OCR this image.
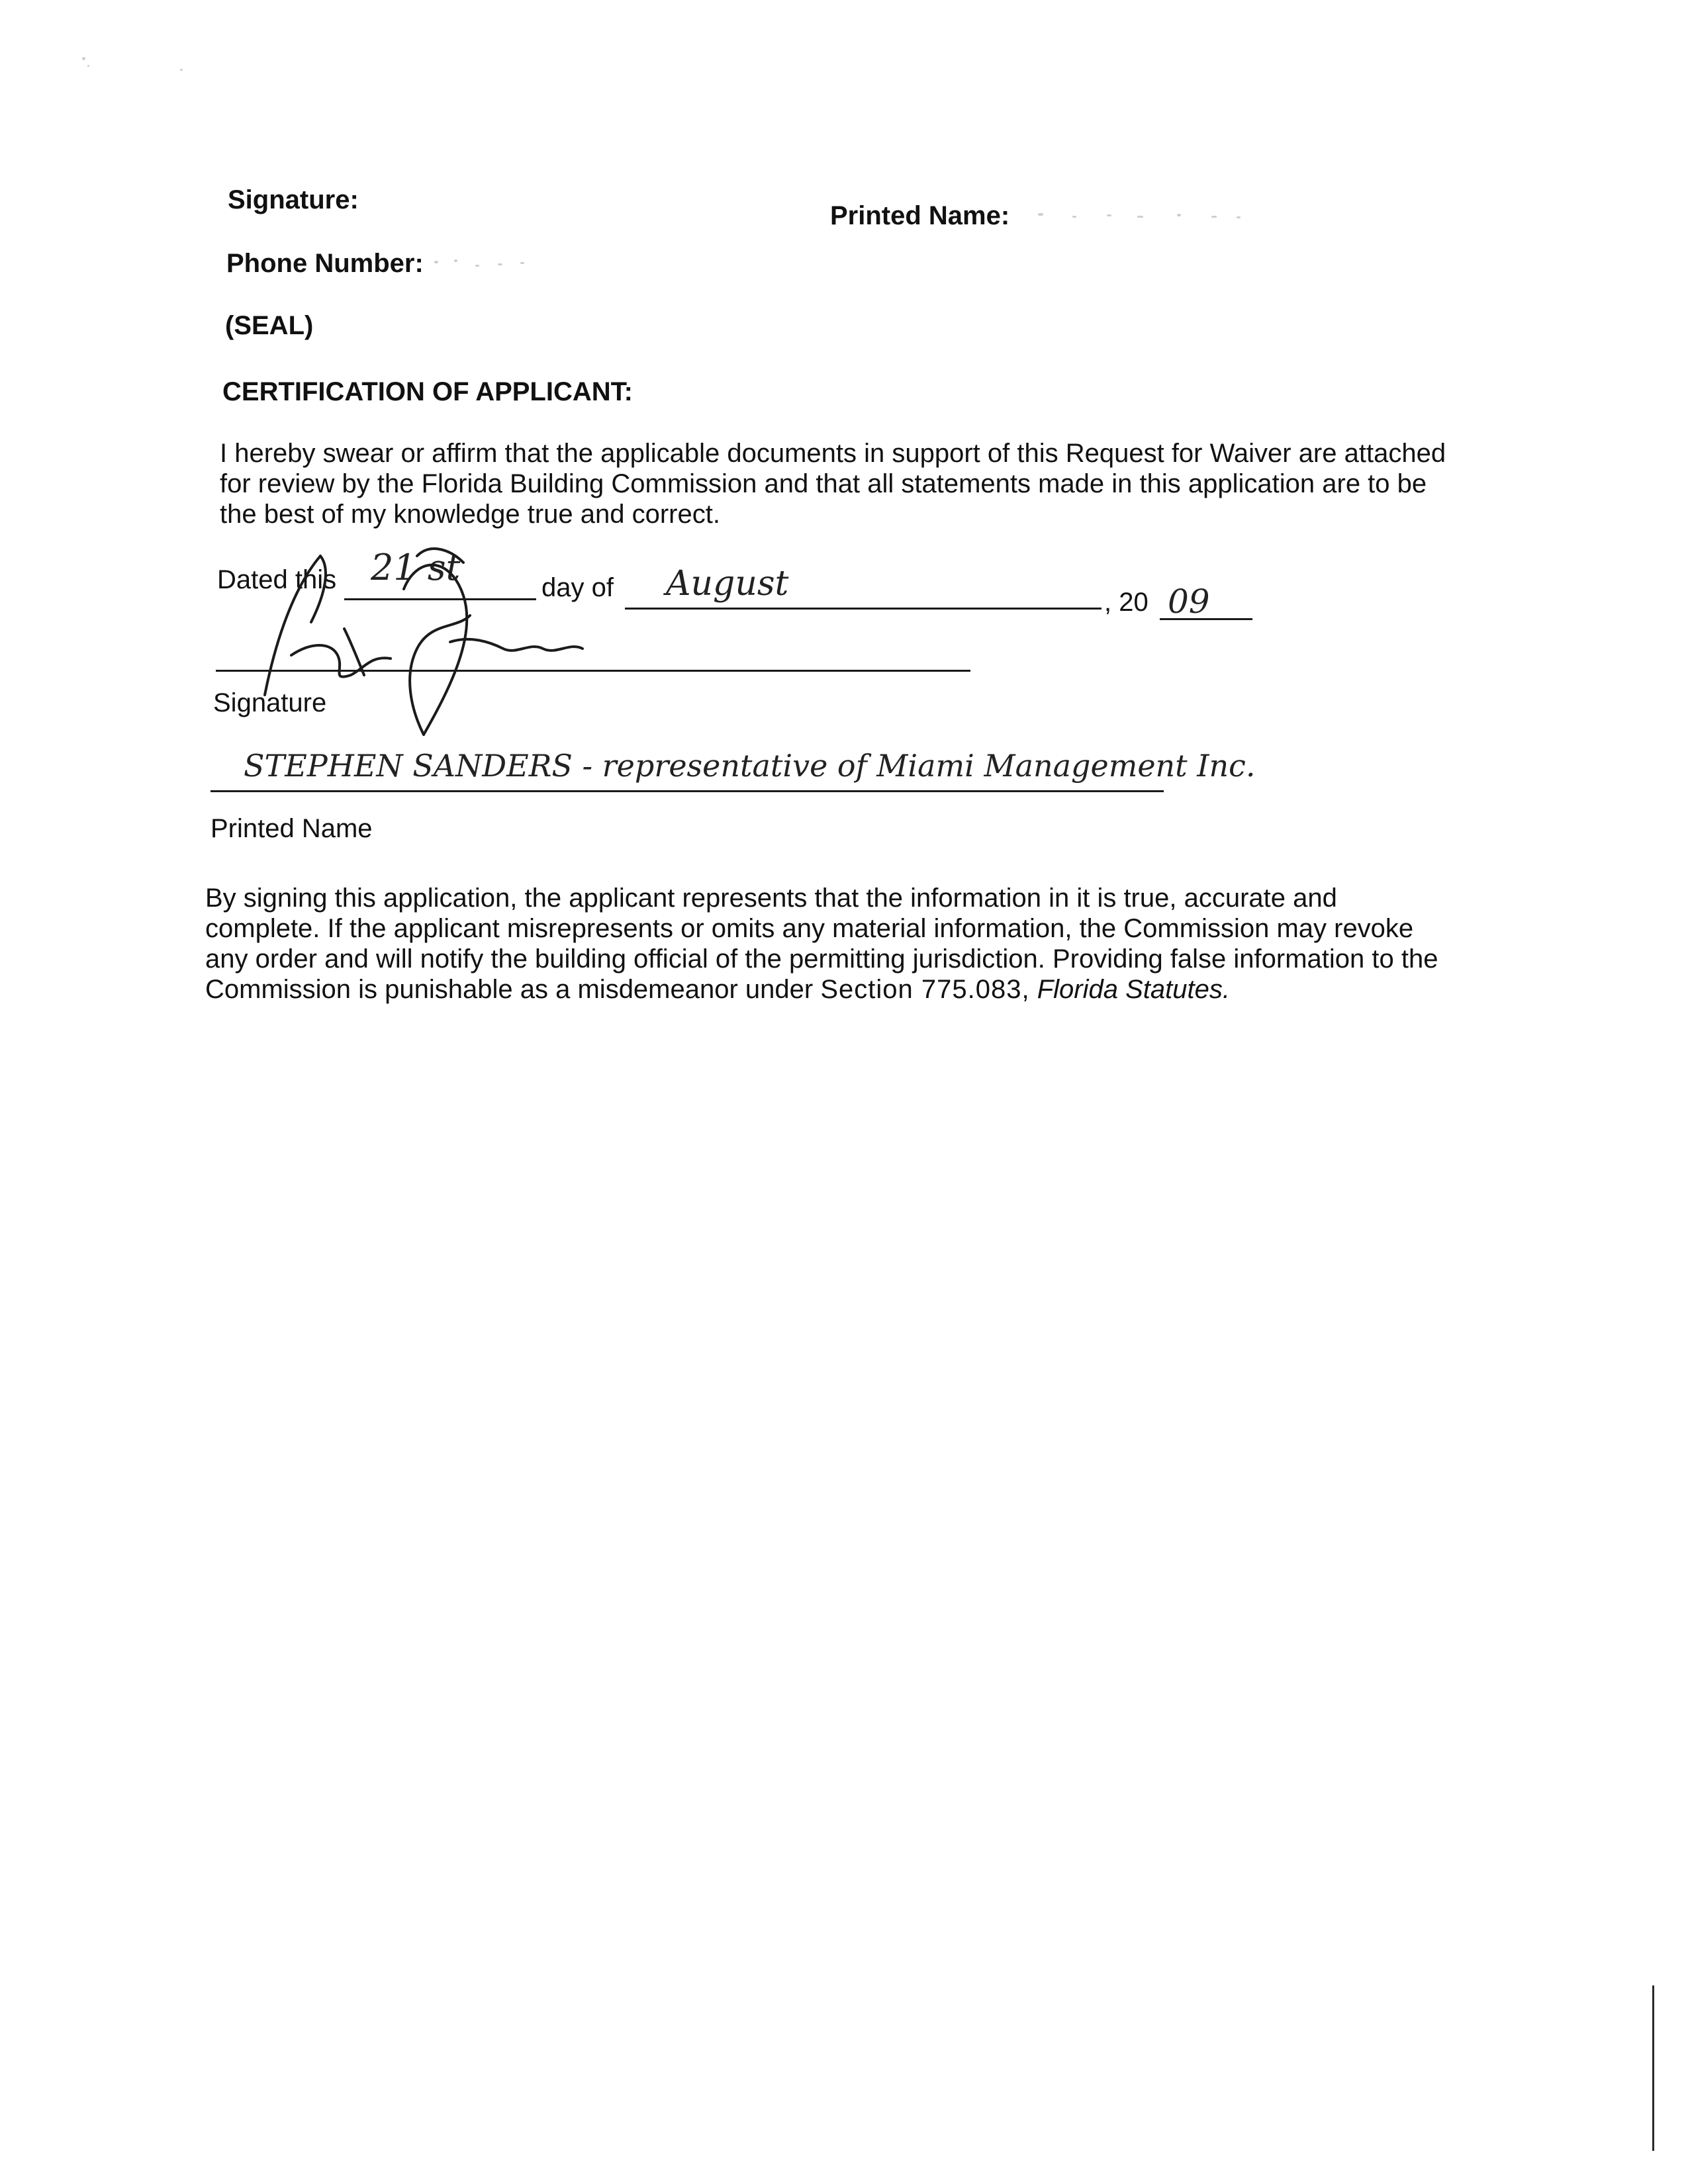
Signature:
Printed Name:
Phone Number:
(SEAL)
CERTIFICATION OF APPLICANT:
I hereby swear or affirm that the applicable documents in support of this Request for Waiver are attached
for review by the Florida Building Commission and that all statements made in this application are to be
the best of my knowledge true and correct.
Dated this 21 st	day of August	, 20 09
Signature
STEPHEN SANDERS - representative of Miami Management Inc.
Printed Name
By signing this application, the applicant represents that the information in it is true, accurate and
complete. If the applicant misrepresents or omits any material information, the Commission may revoke
any order and will notify the building official of the permitting jurisdiction. Providing false information to the
Commission is punishable as a misdemeanor under Section 775.083, Florida Statutes.
